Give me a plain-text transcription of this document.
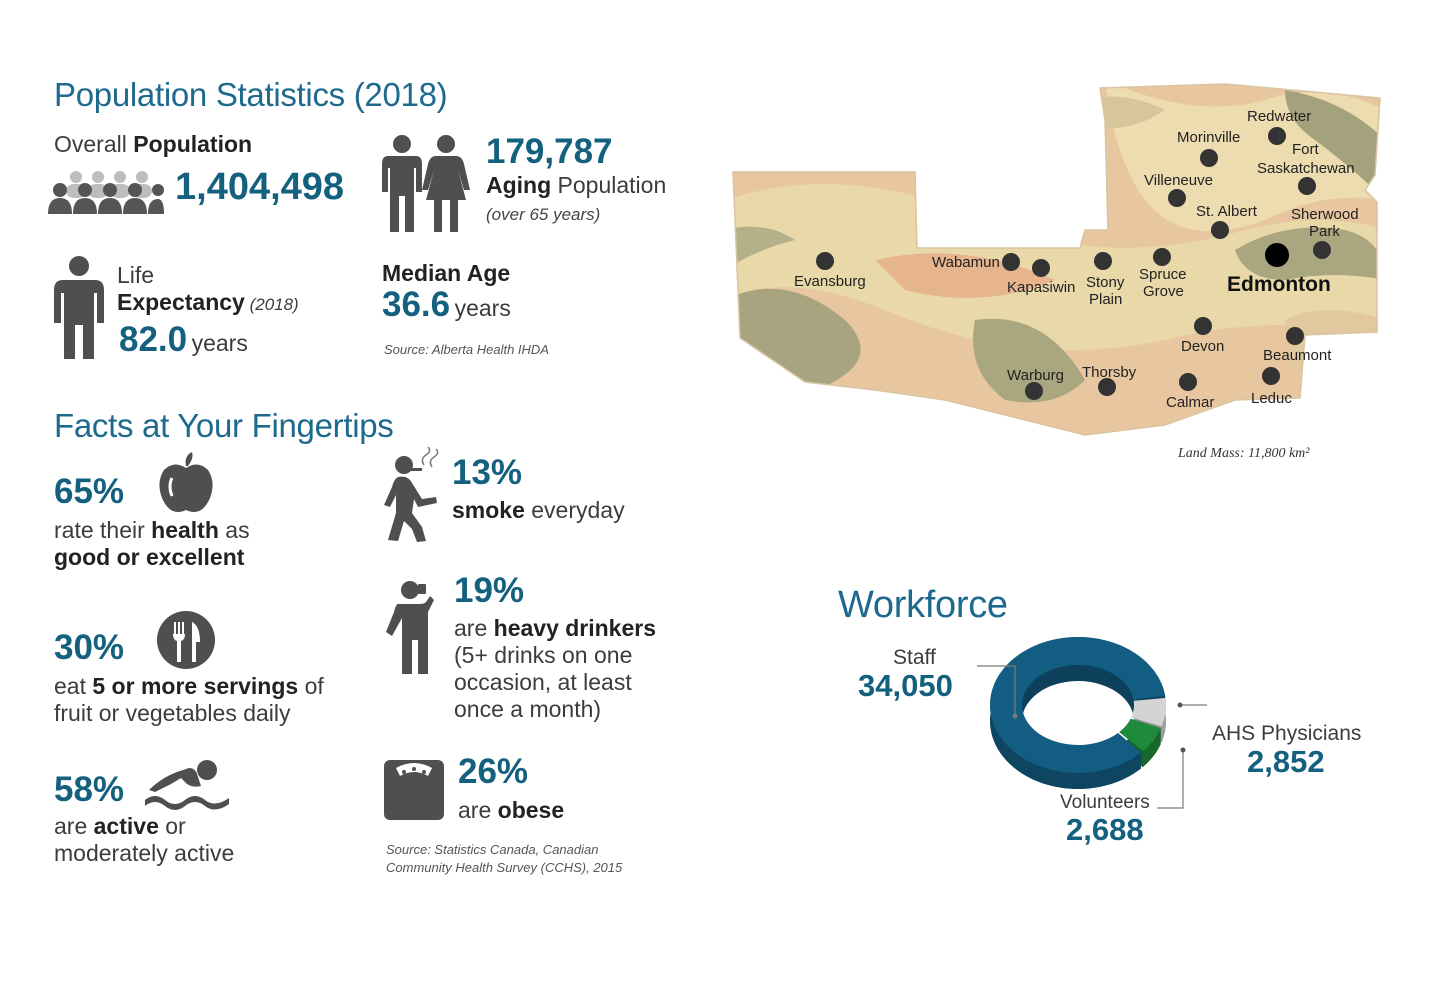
Population Statistics (2018)
Overall Population
1,404,498
179,787
Aging Population
(over 65 years)
Life
Expectancy (2018)
82.0 years
Median Age
36.6 years
Source: Alberta Health IHDA
Facts at Your Fingertips
65%
rate their health as
good or excellent
30%
eat 5 or more servings of
fruit or vegetables daily
58%
are active or
moderately active
13%
smoke everyday
19%
are heavy drinkers
(5+ drinks on one
occasion, at least
once a month)
26%
are obese
Source: Statistics Canada, Canadian
Community Health Survey (CCHS), 2015
Redwater
Morinville
Fort
Saskatchewan
Villeneuve
St. Albert Sherwood
Park
Wabamun
Evansburg	Kapasiwin Stony
Plain
Spruce
Grove Edmonton
Devon
Beaumont
Warburg Thorsby
Calmar Leduc
Land Mass: 11,800 km²
Workforce
Staff
34,050
AHS Physicians
2,852
Volunteers
2,688
